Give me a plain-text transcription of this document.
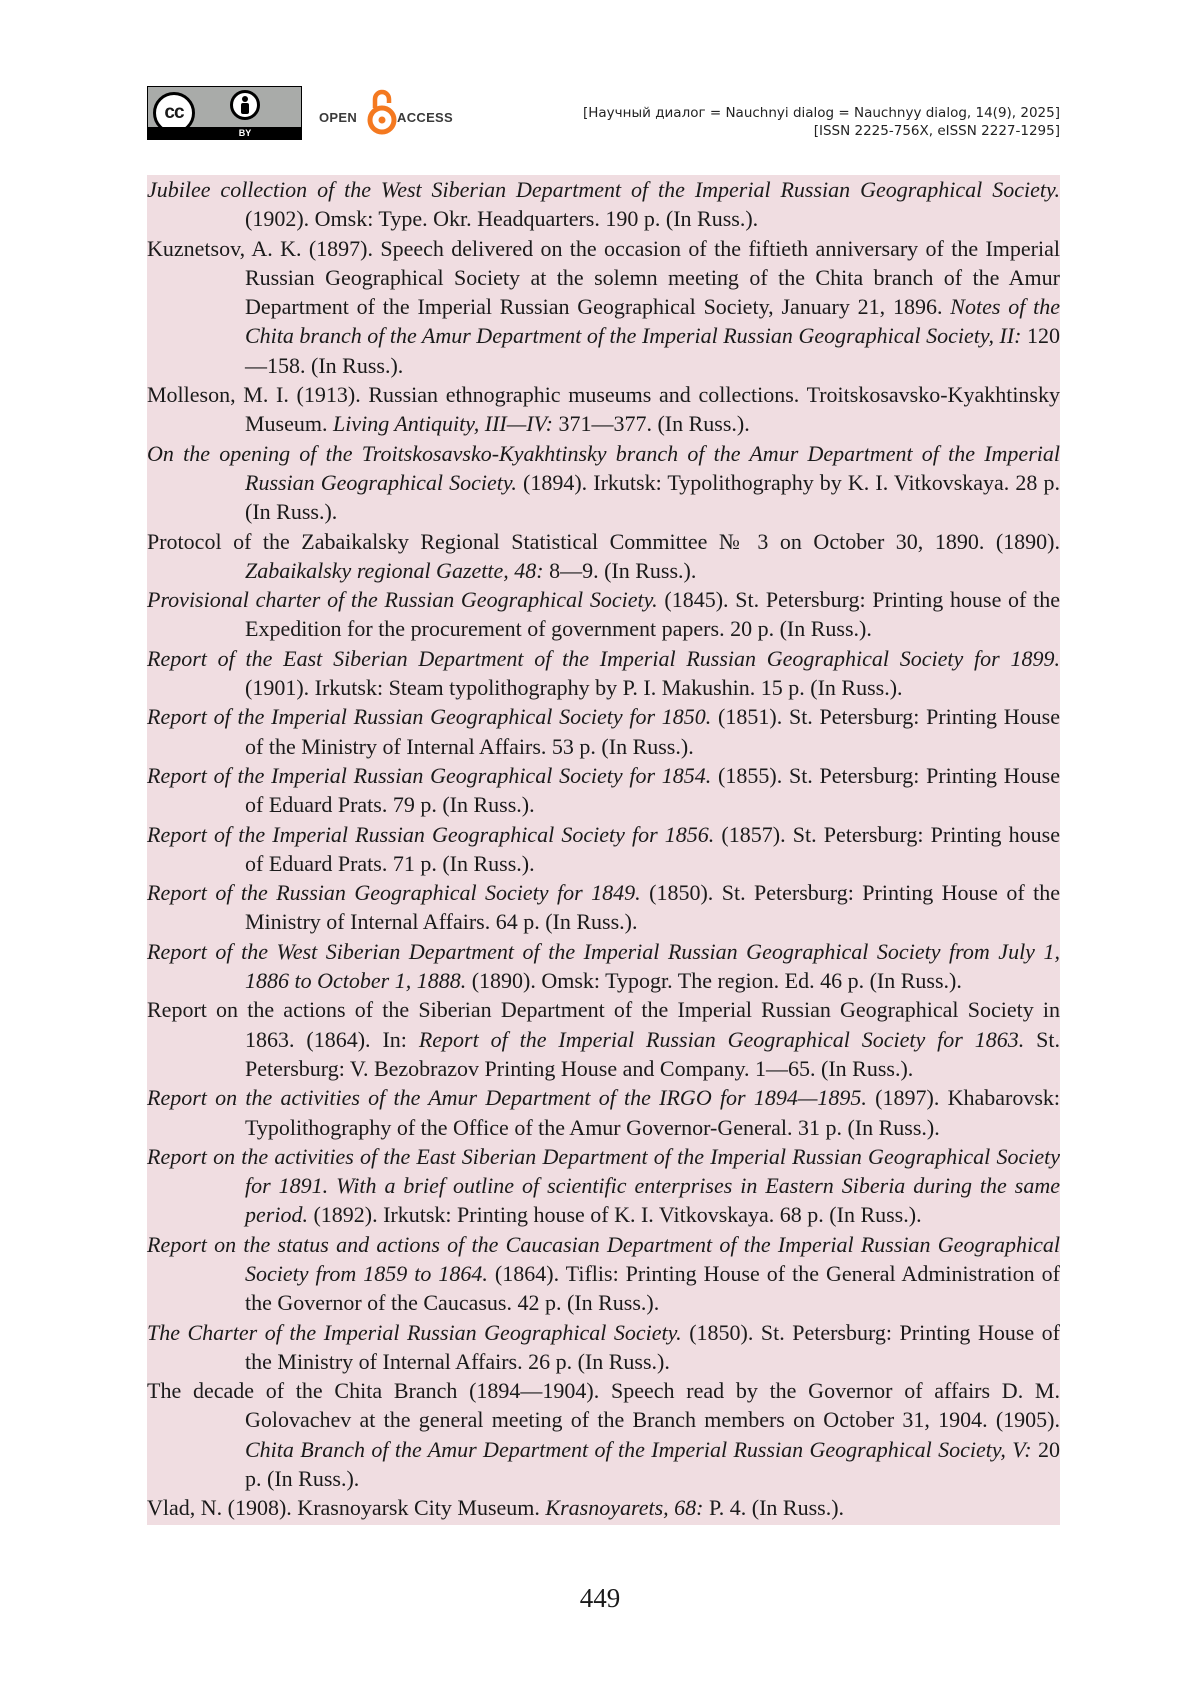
cc
BY
OPEN	ACCESS	[Научный диалог = Nauchnyi dialog = Nauchnyy dialog, 14(9), 2025]
[ISSN 2225-756X, eISSN 2227-1295]
Jubilee collection of the West Siberian Department of the Imperial Russian Geographical Society. (1902). Omsk: Type. Okr. Headquarters. 190 p. (In Russ.).
Kuznetsov, A. K. (1897). Speech delivered on the occasion of the fiftieth anniversary of the Imperial Russian Geographical Society at the solemn meeting of the Chita branch of the Amur Department of the Imperial Russian Geographical Society, January 21, 1896. Notes of the Chita branch of the Amur Department of the Imperial Russian Geographical Society, II: 120—158. (In Russ.).
Molleson, M. I. (1913). Russian ethnographic museums and collections. Troitskosavsko-Kyakhtinsky Museum. Living Antiquity, III—IV: 371—377. (In Russ.).
On the opening of the Troitskosavsko-Kyakhtinsky branch of the Amur Department of the Imperial Russian Geographical Society. (1894). Irkutsk: Typolithography by K. I. Vitkovskaya. 28 p. (In Russ.).
Protocol of the Zabaikalsky Regional Statistical Committee № 3 on October 30, 1890. (1890). Zabaikalsky regional Gazette, 48: 8—9. (In Russ.).
Provisional charter of the Russian Geographical Society. (1845). St. Petersburg: Printing house of the Expedition for the procurement of government papers. 20 p. (In Russ.).
Report of the East Siberian Department of the Imperial Russian Geographical Society for 1899. (1901). Irkutsk: Steam typolithography by P. I. Makushin. 15 p. (In Russ.).
Report of the Imperial Russian Geographical Society for 1850. (1851). St. Petersburg: Printing House of the Ministry of Internal Affairs. 53 p. (In Russ.).
Report of the Imperial Russian Geographical Society for 1854. (1855). St. Petersburg: Printing House of Eduard Prats. 79 p. (In Russ.).
Report of the Imperial Russian Geographical Society for 1856. (1857). St. Petersburg: Printing house of Eduard Prats. 71 p. (In Russ.).
Report of the Russian Geographical Society for 1849. (1850). St. Petersburg: Printing House of the Ministry of Internal Affairs. 64 p. (In Russ.).
Report of the West Siberian Department of the Imperial Russian Geographical Society from July 1, 1886 to October 1, 1888. (1890). Omsk: Typogr. The region. Ed. 46 p. (In Russ.).
Report on the actions of the Siberian Department of the Imperial Russian Geographical Society in 1863. (1864). In: Report of the Imperial Russian Geographical Society for 1863. St. Petersburg: V. Bezobrazov Printing House and Company. 1—65. (In Russ.).
Report on the activities of the Amur Department of the IRGO for 1894—1895. (1897). Khabarovsk: Typolithography of the Office of the Amur Governor-General. 31 p. (In Russ.).
Report on the activities of the East Siberian Department of the Imperial Russian Geographical Society for 1891. With a brief outline of scientific enterprises in Eastern Siberia during the same period. (1892). Irkutsk: Printing house of K. I. Vitkovskaya. 68 p. (In Russ.).
Report on the status and actions of the Caucasian Department of the Imperial Russian Geographical Society from 1859 to 1864. (1864). Tiflis: Printing House of the General Administration of the Governor of the Caucasus. 42 p. (In Russ.).
The Charter of the Imperial Russian Geographical Society. (1850). St. Petersburg: Printing House of the Ministry of Internal Affairs. 26 p. (In Russ.).
The decade of the Chita Branch (1894—1904). Speech read by the Governor of affairs D. M. Golovachev at the general meeting of the Branch members on October 31, 1904. (1905). Chita Branch of the Amur Department of the Imperial Russian Geographical Society, V: 20 p. (In Russ.).
Vlad, N. (1908). Krasnoyarsk City Museum. Krasnoyarets, 68: P. 4. (In Russ.).
449
